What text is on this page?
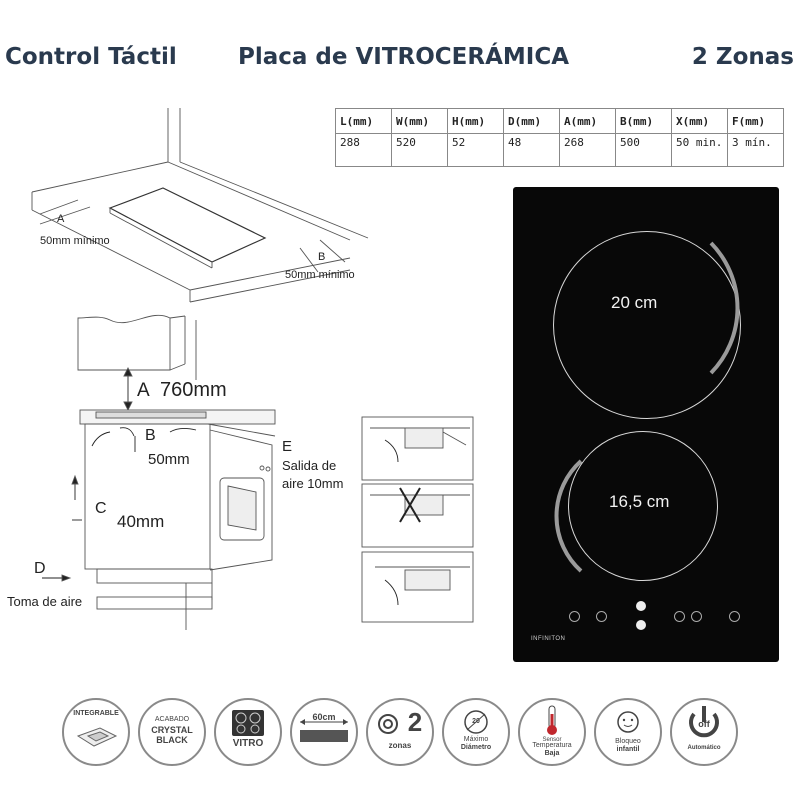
Control Táctil	Placa de VITROCERÁMICA	2 Zonas
L(mm)	W(mm)	H(mm)	D(mm)	A(mm)	B(mm)	X(mm)	F(mm)
288	520	52	48	268	500	50 min.	3 mín.
A
50mm mínimo
B
50mm mínimo
A 760mm
B
50mm
C
40mm
D
Toma de aire
E
Salida de
aire 10mm
20 cm
16,5 cm
INFINITON
INTEGRABLE
ACABADO
CRYSTAL
BLACK	VITRO
60cm	2
zonas
20
Máximo
Diámetro
Sensor
Temperatura
Baja
Bloqueo
infantil
off
Automático
